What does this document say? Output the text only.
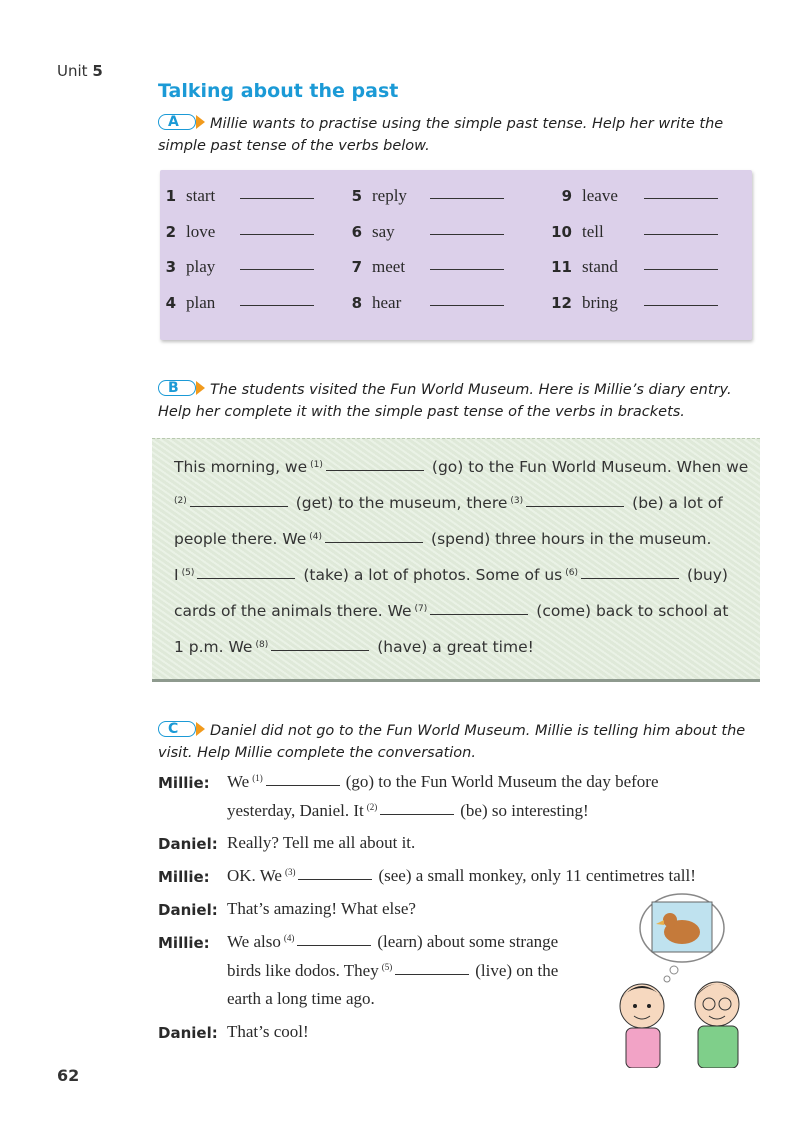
Unit 5
Talking about the past
A Millie wants to practise using the simple past tense. Help her write the simple past tense of the verbs below.
1 start
2 love
3 play
4 plan
5 reply
6 say
7 meet
8 hear
9 leave
10 tell
11 stand
12 bring
B The students visited the Fun World Museum. Here is Millie’s diary entry. Help her complete it with the simple past tense of the verbs in brackets.
This morning, we $^{(1)}$	(go) to the Fun World Museum. When we
$^{(2)}$	(get) to the museum, there $^{(3)}$	(be) a lot of
people there. We $^{(4)}$	(spend) three hours in the museum.
I $^{(5)}$	(take) a lot of photos. Some of us $^{(6)}$	(buy)
cards of the animals there. We $^{(7)}$	(come) back to school at
1 p.m. We $^{(8)}$	(have) a great time!
C Daniel did not go to the Fun World Museum. Millie is telling him about the visit. Help Millie complete the conversation.
Millie: We $^{(1)}$	(go) to the Fun World Museum the day before
yesterday, Daniel. It $^{(2)}$	(be) so interesting!
Daniel: Really? Tell me all about it.
Millie: OK. We $^{(3)}$	(see) a small monkey, only 11 centimetres tall!
Daniel: That’s amazing! What else?
Millie: We also $^{(4)}$	(learn) about some strange
birds like dodos. They $^{(5)}$	(live) on the
earth a long time ago.
Daniel: That’s cool!
62
